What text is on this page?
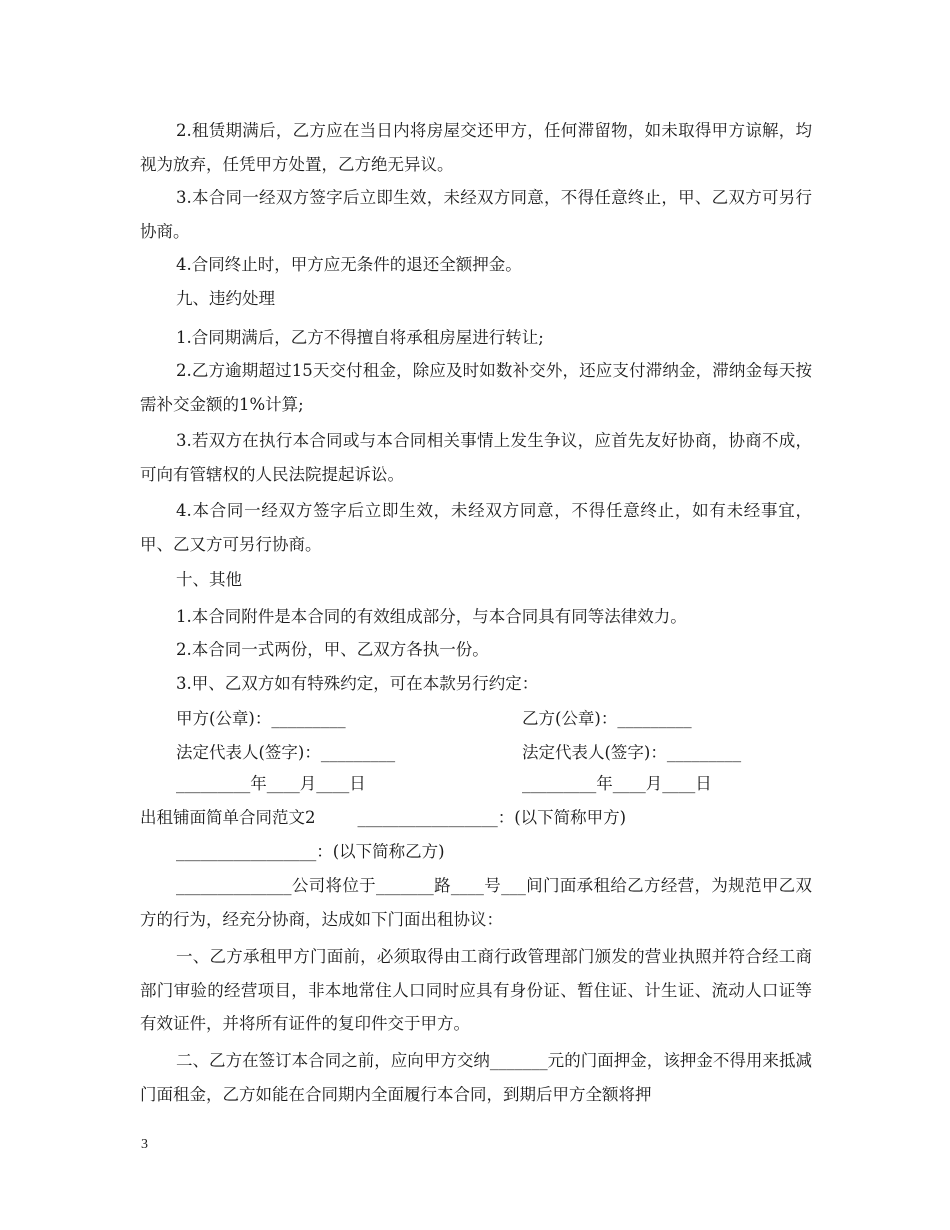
2.租赁期满后，乙方应在当日内将房屋交还甲方，任何滞留物，如未取得甲方谅解，均视为放弃，任凭甲方处置，乙方绝无异议。

3.本合同一经双方签字后立即生效，未经双方同意，不得任意终止，甲、乙双方可另行协商。

4.合同终止时，甲方应无条件的退还全额押金。

九、违约处理

1.合同期满后，乙方不得擅自将承租房屋进行转让;

2.乙方逾期超过15天交付租金，除应及时如数补交外，还应支付滞纳金，滞纳金每天按需补交金额的1%计算;

3.若双方在执行本合同或与本合同相关事情上发生争议，应首先友好协商，协商不成，可向有管辖权的人民法院提起诉讼。

4.本合同一经双方签字后立即生效，未经双方同意，不得任意终止，如有未经事宜，甲、乙又方可另行协商。

十、其他

1.本合同附件是本合同的有效组成部分，与本合同具有同等法律效力。

2.本合同一式两份，甲、乙双方各执一份。

3.甲、乙双方如有特殊约定，可在本款另行约定：

甲方(公章)：_________	乙方(公章)：_________

法定代表人(签字)：_________	法定代表人(签字)：_________

_________年____月____日	_________年____月____日

出租铺面简单合同范文2        _________________：(以下简称甲方)

_________________：(以下简称乙方)

______________公司将位于_______路____号___间门面承租给乙方经营，为规范甲乙双方的行为，经充分协商，达成如下门面出租协议：

一、乙方承租甲方门面前，必须取得由工商行政管理部门颁发的营业执照并符合经工商部门审验的经营项目，非本地常住人口同时应具有身份证、暂住证、计生证、流动人口证等有效证件，并将所有证件的复印件交于甲方。

二、乙方在签订本合同之前，应向甲方交纳_______元的门面押金，该押金不得用来抵减门面租金，乙方如能在合同期内全面履行本合同，到期后甲方全额将押

3
